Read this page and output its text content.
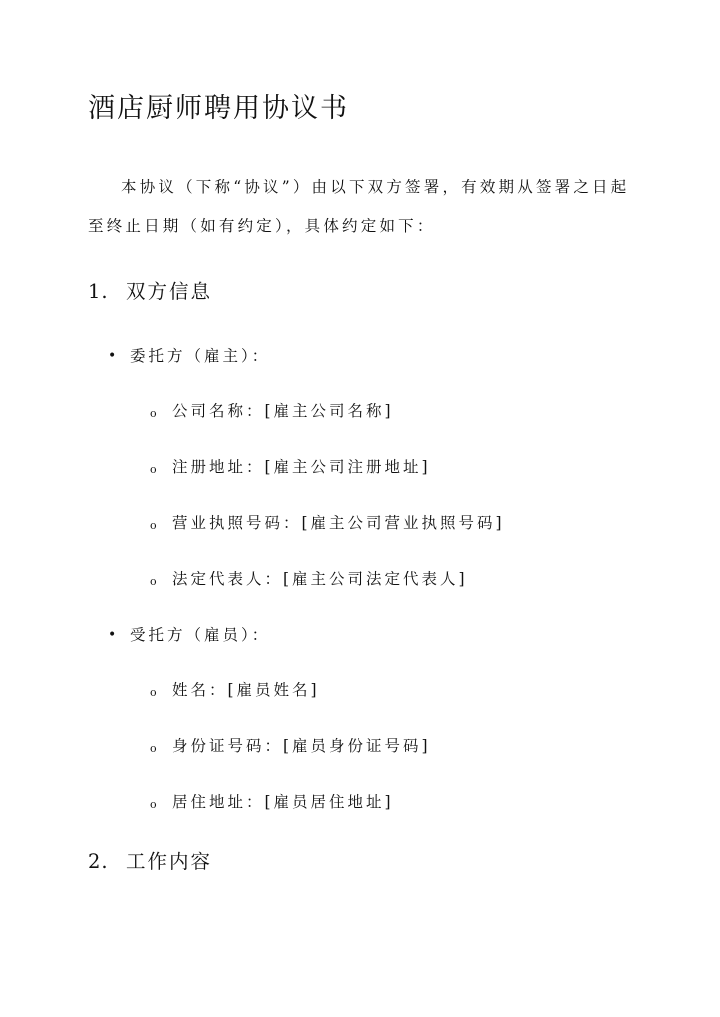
酒店厨师聘用协议书

本协议（下称“协议”）由以下双方签署，有效期从签署之日起至终止日期（如有约定），具体约定如下：

1. 双方信息
• 委托方（雇主）：
o 公司名称：[雇主公司名称]
o 注册地址：[雇主公司注册地址]
o 营业执照号码：[雇主公司营业执照号码]
o 法定代表人：[雇主公司法定代表人]
• 受托方（雇员）：
o 姓名：[雇员姓名]
o 身份证号码：[雇员身份证号码]
o 居住地址：[雇员居住地址]
2. 工作内容
